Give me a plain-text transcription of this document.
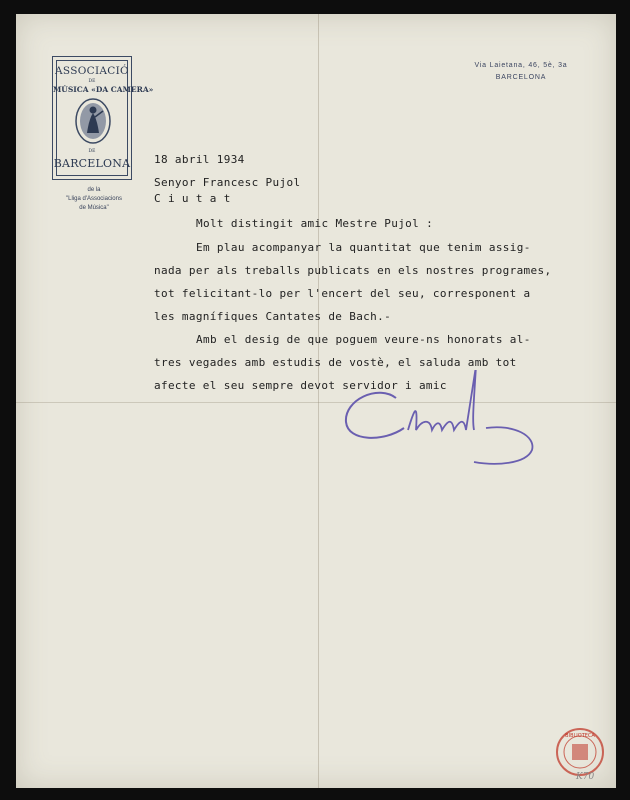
ASSOCIACIÓ
DE
MÚSICA «DA CAMERA»
DE
BARCELONA
de la
"Lliga d'Associacions
de Música"
Via Laietana, 46, 5è, 3a
BARCELONA
18 abril 1934
Senyor Francesc Pujol
C i u t a t
Molt distingit amic Mestre Pujol :
Em plau acompanyar la quantitat que tenim assig-
nada per als treballs publicats en els nostres programes,
tot felicitant-lo per l'encert del seu, corresponent a
les magnífiques Cantates de Bach.-
Amb el desig de que poguem veure-ns honorats al-
tres vegades amb estudis de vostè, el saluda amb tot
afecte el seu sempre devot servidor i amic
BIBLIOTECA
K70
